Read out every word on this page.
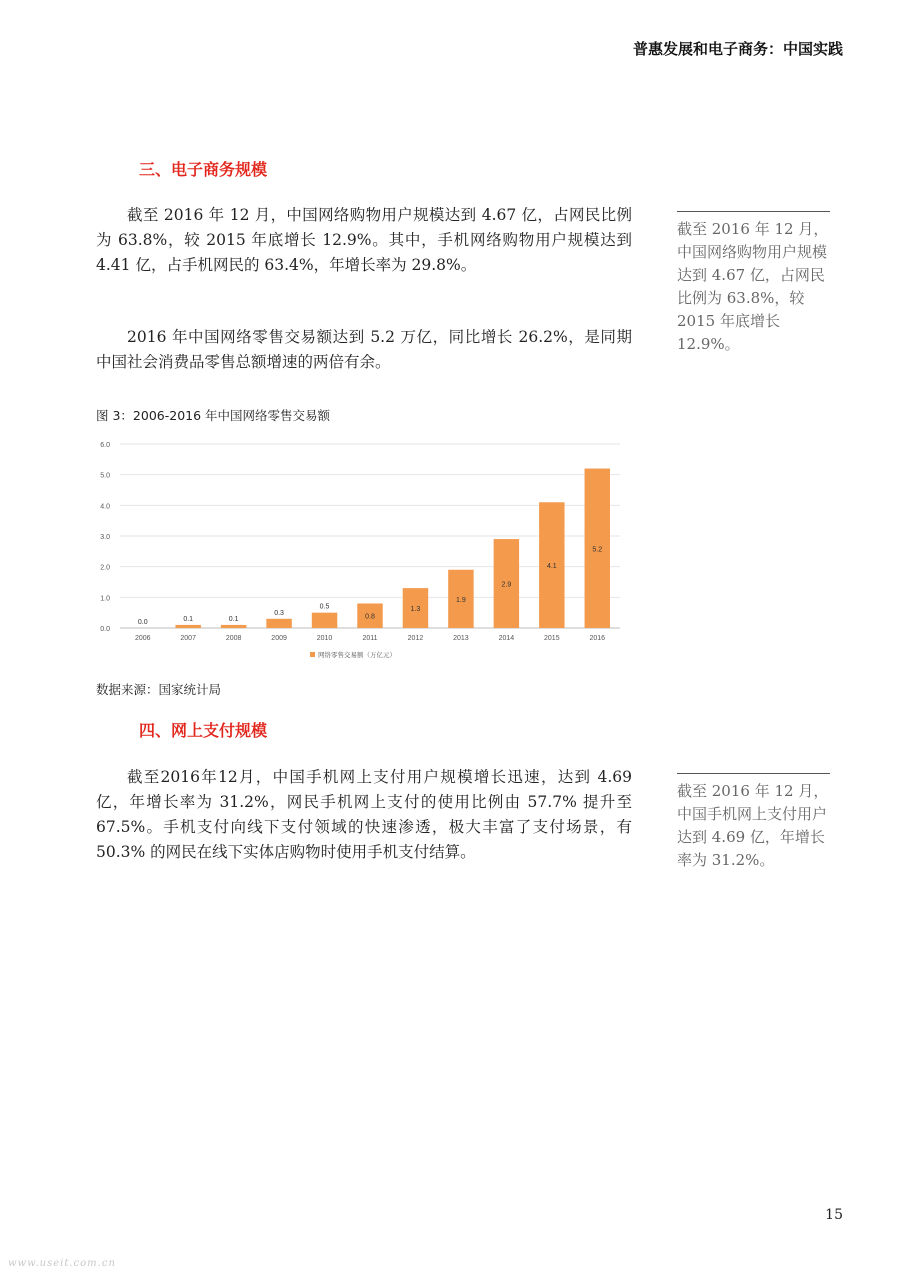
普惠发展和电子商务：中国实践
三、电子商务规模

截至 2016 年 12 月，中国网络购物用户规模达到 4.67 亿，占网民比例为 63.8%，较 2015 年底增长 12.9%。其中，手机网络购物用户规模达到 4.41 亿，占手机网民的 63.4%，年增长率为 29.8%。

2016 年中国网络零售交易额达到 5.2 万亿，同比增长 26.2%，是同期中国社会消费品零售总额增速的两倍有余。

截至 2016 年 12 月，中国网络购物用户规模达到 4.67 亿，占网民比例为 63.8%，较 2015 年底增长 12.9%。
图 3：2006-2016 年中国网络零售交易额
0.0
1.0
2.0
3.0
4.0
5.0
6.0
0.0
2006
0.1
2007
0.1
2008
0.3
2009
0.5
2010
0.8
2011
1.3
2012
1.9
2013
2.9
2014
4.1
2015
5.2
2016
网络零售交易额（万亿元）
数据来源：国家统计局
四、网上支付规模

截至2016年12月，中国手机网上支付用户规模增长迅速，达到 4.69 亿，年增长率为 31.2%，网民手机网上支付的使用比例由 57.7% 提升至 67.5%。手机支付向线下支付领域的快速渗透，极大丰富了支付场景，有 50.3% 的网民在线下实体店购物时使用手机支付结算。

截至 2016 年 12 月，中国手机网上支付用户达到 4.69 亿，年增长率为 31.2%。
15
www.useit.com.cn
